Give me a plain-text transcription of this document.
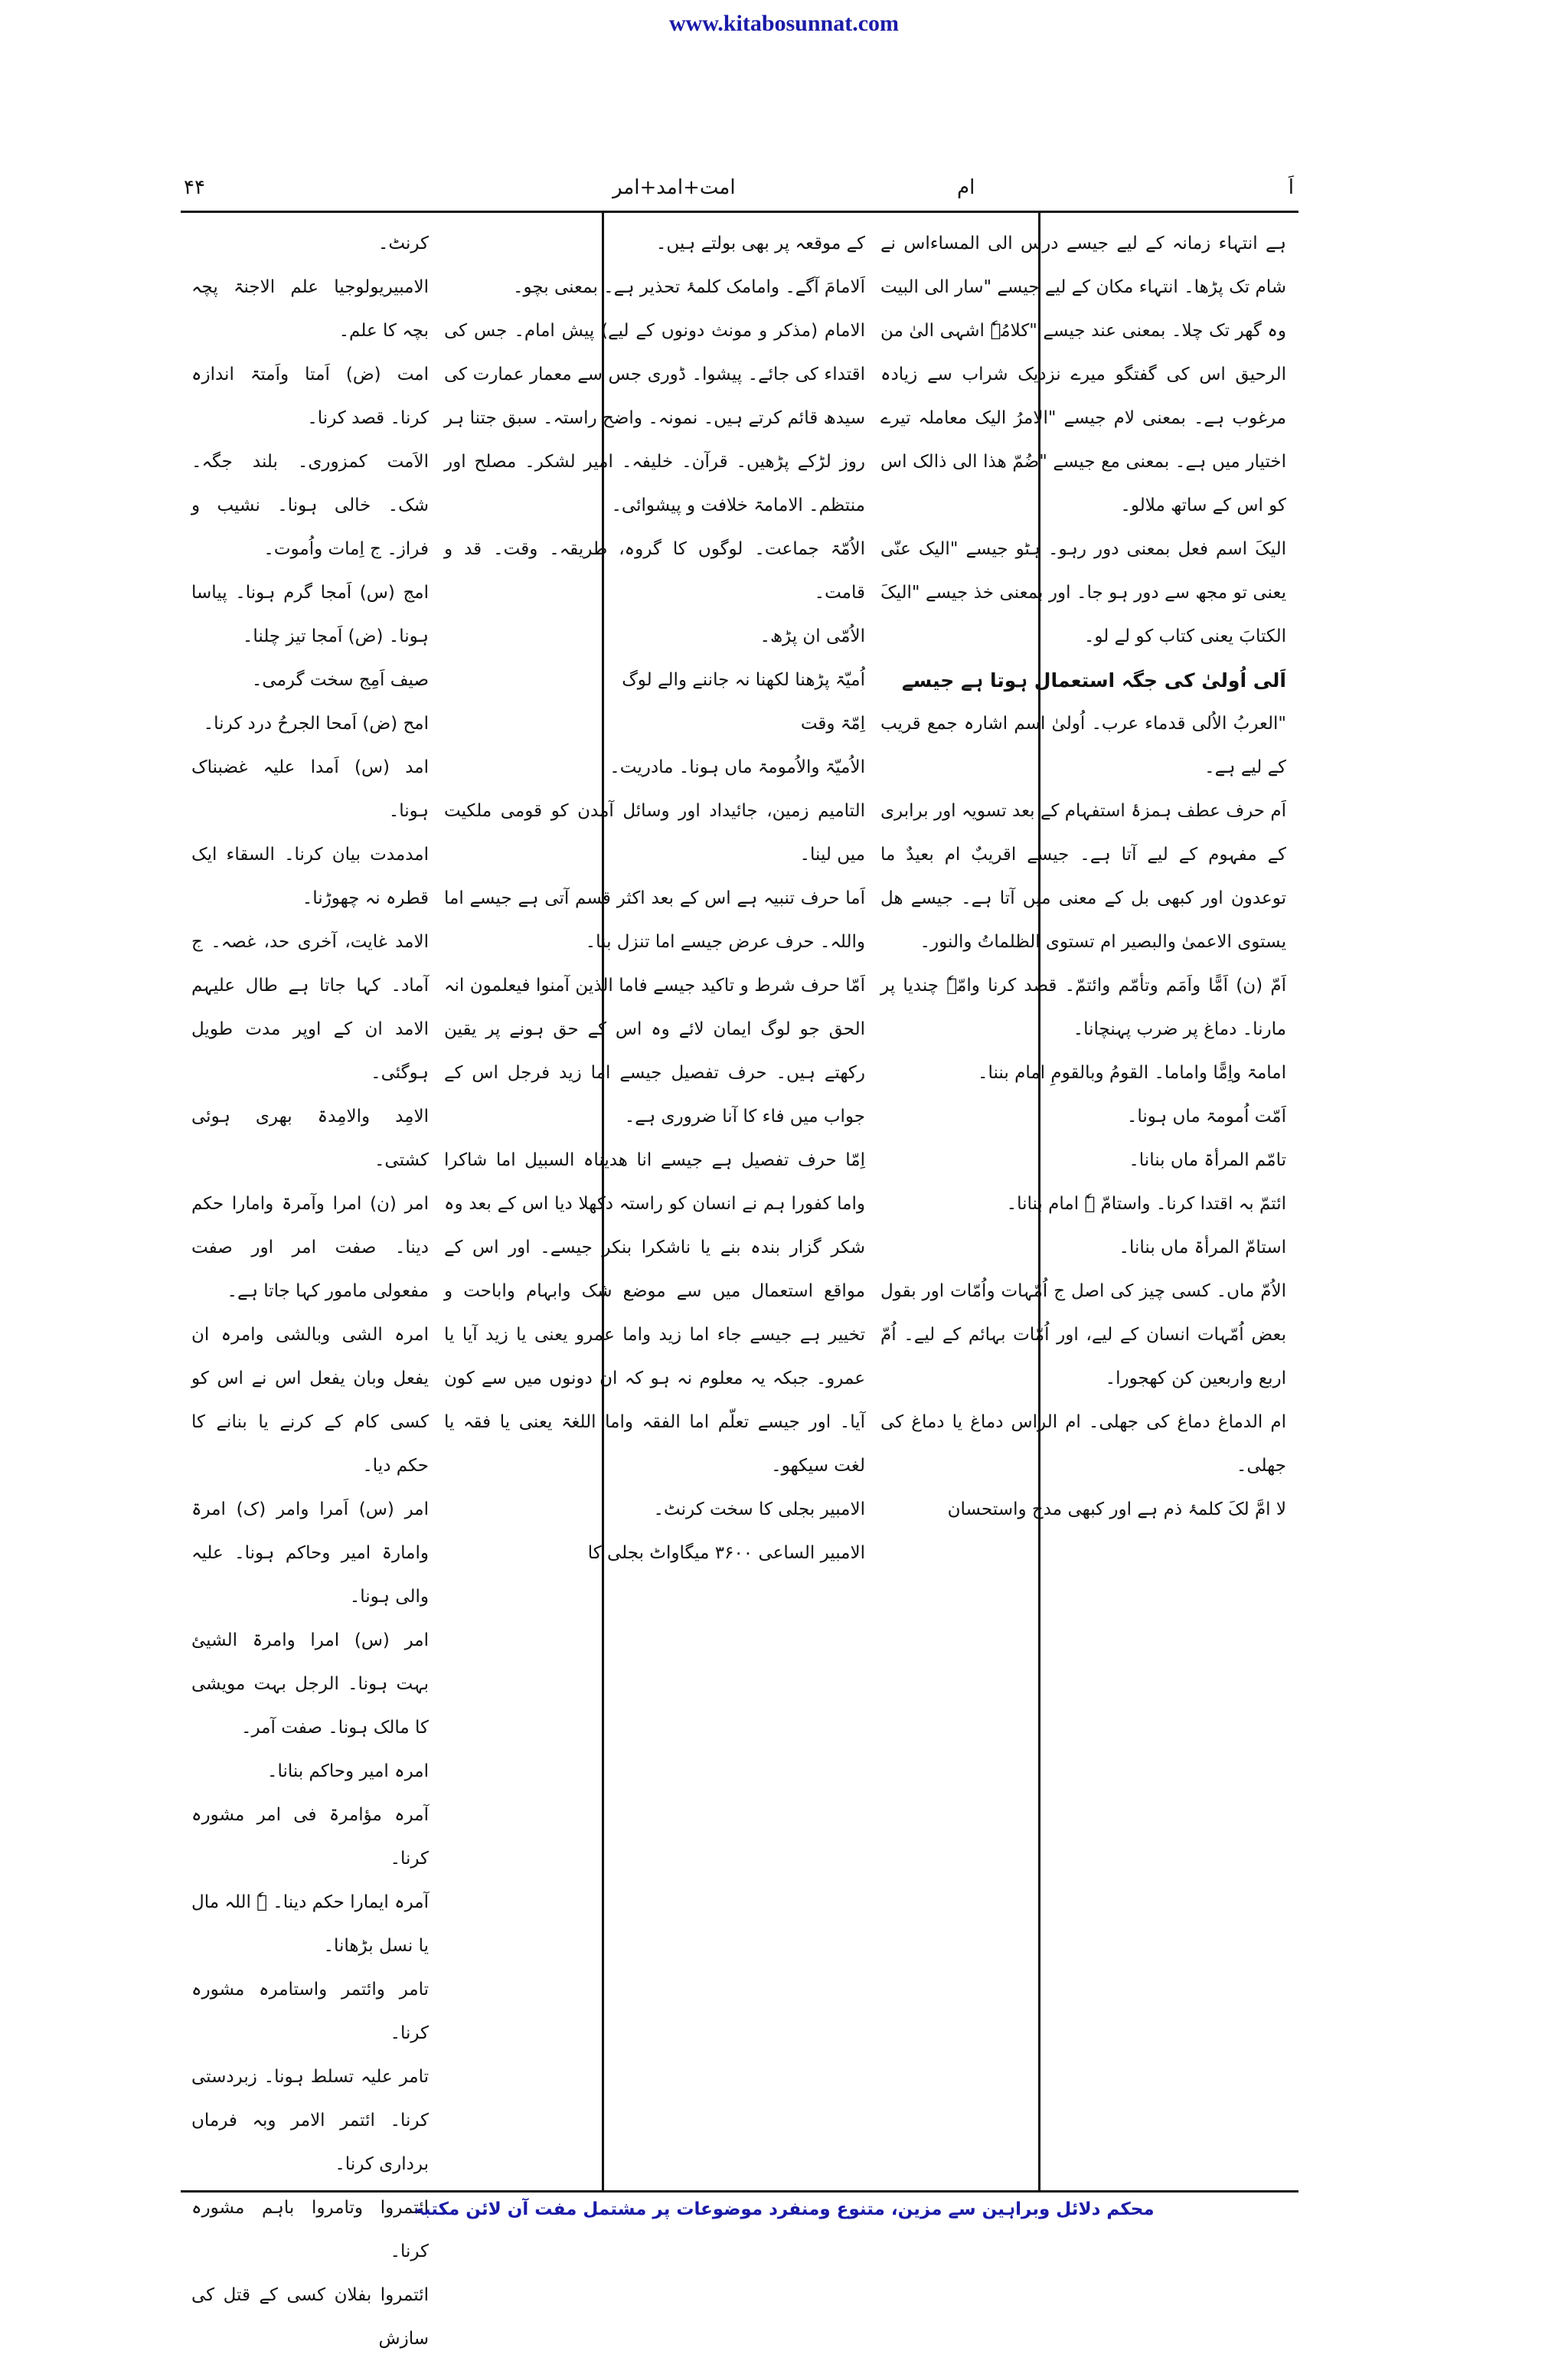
www.kitabosunnat.com
۴۴	امت+امد+امر	ام	اَ

ہے انتہاء زمانہ کے لیے جیسے درس الی المساءاس نے شام تک پڑھا۔ انتہاء مکان کے لیے جیسے "سار الی البیت وہ گھر تک چلا۔ بمعنی عند جیسے "کلامُہٗ اشہی الیٰ من الرحیق اس کی گفتگو میرے نزدیک شراب سے زیادہ مرغوب ہے۔ بمعنی لام جیسے "الامرُ الیک معاملہ تیرے اختیار میں ہے۔ بمعنی مع جیسے "ضُمّ ھذا الی ذالک اس کو اس کے ساتھ ملالو۔

الیکَ اسم فعل بمعنی دور رہو۔ ہٹو جیسے "الیک عنّی یعنی تو مجھ سے دور ہو جا۔ اور بمعنی خذ جیسے "الیکَ الکتابَ یعنی کتاب کو لے لو۔

اَلی اُولیٰ کی جگہ استعمال ہوتا ہے جیسے

"العربُ الاُلی قدماء عرب۔ اُولیٰ اسم اشارہ جمع قریب کے لیے ہے۔

اَم حرف عطف ہمزۂ استفہام کے بعد تسویہ اور برابری کے مفہوم کے لیے آتا ہے۔ جیسے اقریبٌ ام بعیدٌ ما توعدون اور کبھی بل کے معنی میں آتا ہے۔ جیسے ھل یستوی الاعمیٰ والبصیر ام تستوی الظلماتُ والنور۔

اَمّ (ن) اَمًّا واَمَم وتأمّم وائتمّ۔ قصد کرنا وامّہٗ چندیا پر مارنا۔ دماغ پر ضرب پہنچانا۔

امامۃ واِمًّا واماما۔ القومُ وبالقومِ امام بننا۔

اَمّت اُمومۃ ماں ہونا۔

تامّم المرأۃ ماں بنانا۔

ائتمّ بہ اقتدا کرنا۔ واستامّ ہٗ امام بنانا۔

استامّ المرأۃ ماں بنانا۔

الاُمّ ماں۔ کسی چیز کی اصل ج اُمّہات واُمّات اور بقول بعض اُمّہات انسان کے لیے، اور اُمّات بہائم کے لیے۔ اُمّ اربع واربعین کن کھجورا۔

ام الدماغ دماغ کی جھلی۔ ام الراس دماغ یا دماغ کی جھلی۔

لا امَّ لکَ کلمۂ ذم ہے اور کبھی مدح واستحسان

کے موقعہ پر بھی بولتے ہیں۔

اَلامامَ آگے۔ وامامک کلمۂ تحذیر ہے۔ بمعنی بچو۔

الامام (مذکر و مونث دونوں کے لیے) پیش امام۔ جس کی اقتداء کی جائے۔ پیشوا۔ ڈوری جس سے معمار عمارت کی سیدھ قائم کرتے ہیں۔ نمونہ۔ واضح راستہ۔ سبق جتنا ہر روز لڑکے پڑھیں۔ قرآن۔ خلیفہ۔ امیر لشکر۔ مصلح اور منتظم۔ الامامۃ خلافت و پیشوائی۔

الاُمّۃ جماعت۔ لوگوں کا گروہ، طریقہ۔ وقت۔ قد و قامت۔

الاُمّی ان پڑھ۔

اُمیّۃ پڑھنا لکھنا نہ جاننے والے لوگ

اِمّۃ وقت

الاُمیّۃ والاُمومۃ ماں ہونا۔ مادریت۔

التامیم زمین، جائیداد اور وسائل آمدن کو قومی ملکیت میں لینا۔

اَما حرف تنبیہ ہے اس کے بعد اکثر قسم آتی ہے جیسے اما واللہ۔ حرف عرض جیسے اما تنزل بنا۔

اَمّا حرف شرط و تاکید جیسے فاما الذین آمنوا فیعلمون انہ الحق جو لوگ ایمان لائے وہ اس کے حق ہونے پر یقین رکھتے ہیں۔ حرف تفصیل جیسے اما زید فرجل اس کے جواب میں فاء کا آنا ضروری ہے۔

اِمّا حرف تفصیل ہے جیسے انا ھدیناہ السبیل اما شاکرا واما کفورا ہم نے انسان کو راستہ دکھلا دیا اس کے بعد وہ شکر گزار بندہ بنے یا ناشکرا بنکر جیسے۔ اور اس کے مواقع استعمال میں سے موضع شک وابہام واباحت و تخییر ہے جیسے جاء اما زید واما عمرو یعنی یا زید آیا یا عمرو۔ جبکہ یہ معلوم نہ ہو کہ ان دونوں میں سے کون آیا۔ اور جیسے تعلّم اما الفقہ واما اللغۃ یعنی یا فقہ یا لغت سیکھو۔

الامبیر بجلی کا سخت کرنٹ۔

الامبیر الساعی ۳۶۰۰ میگاواٹ بجلی کا

کرنٹ۔

الامبیریولوجیا علم الاجنۃ پچہ بچہ کا علم۔

امت (ض) اَمتا واَمتۃ اندازہ کرنا۔ قصد کرنا۔

الاَمت کمزوری۔ بلند جگہ۔ شک۔ خالی ہونا۔ نشیب و فراز۔ ج اِمات واُموت۔

امج (س) اَمجا گرم ہونا۔ پیاسا ہونا۔ (ض) اَمجا تیز چلنا۔

صیف اَمِج سخت گرمی۔

امح (ض) اَمحا الجرحُ درد کرنا۔

امد (س) اَمدا علیہ غضبناک ہونا۔

امدمدت بیان کرنا۔ السقاء ایک قطرہ نہ چھوڑنا۔

الامد غایت، آخری حد، غصہ۔ ج آماد۔ کہا جاتا ہے طال علیہم الامد ان کے اوپر مدت طویل ہوگئی۔

الامِد والامِدۃ بھری ہوئی کشتی۔

امر (ن) امرا وآمرۃ وامارا حکم دینا۔ صفت امر اور صفت مفعولی مامور کہا جاتا ہے۔

امرہ الشی وبالشی وامرہ ان یفعل وبان یفعل اس نے اس کو کسی کام کے کرنے یا بنانے کا حکم دیا۔

امر (س) اَمرا وامر (ک) امرۃ وامارۃ امیر وحاکم ہونا۔ علیہ والی ہونا۔

امر (س) امرا وامرۃ الشیئ بہت ہونا۔ الرجل بہت مویشی کا مالک ہونا۔ صفت آمر۔

امرہ امیر وحاکم بنانا۔

آمرہ مؤامرۃ فی امر مشورہ کرنا۔

آمرہ ایمارا حکم دینا۔ ہٗ اللہ مال یا نسل بڑھانا۔

تامر وائتمر واستامرہ مشورہ کرنا۔

تامر علیہ تسلط ہونا۔ زبردستی کرنا۔ ائتمر الامر وبہ فرماں برداری کرنا۔

ائتمروا وتامروا باہم مشورہ کرنا۔

ائتمروا بفلان کسی کے قتل کی سازش

محکم دلائل وبراہین سے مزین، متنوع ومنفرد موضوعات پر مشتمل مفت آن لائن مکتبہ
